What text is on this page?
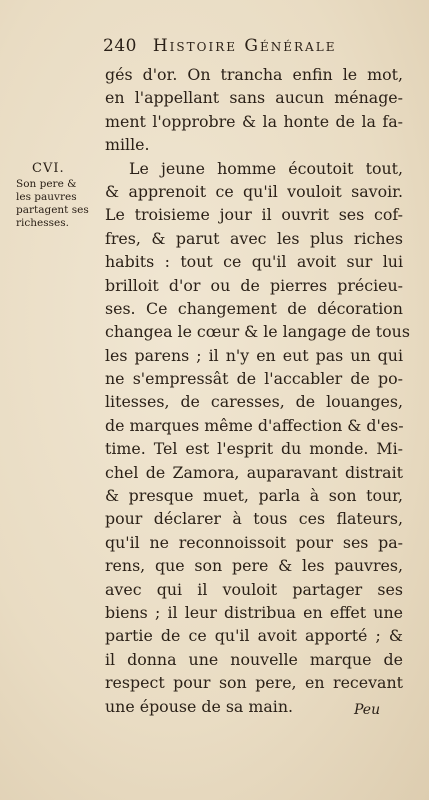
240 Histoire Générale
CVI.
Son pere &
les pauvres
partagent ses
richesses.
gés d'or. On trancha enfin le mot,
en l'appellant sans aucun ménage-
ment l'opprobre & la honte de la fa-
mille.
Le jeune homme écoutoit tout,
& apprenoit ce qu'il vouloit savoir.
Le troisieme jour il ouvrit ses cof-
fres, & parut avec les plus riches
habits : tout ce qu'il avoit sur lui
brilloit d'or ou de pierres précieu-
ses. Ce changement de décoration
changea le cœur & le langage de tous
les parens ; il n'y en eut pas un qui
ne s'empressât de l'accabler de po-
litesses, de caresses, de louanges,
de marques même d'affection & d'es-
time. Tel est l'esprit du monde. Mi-
chel de Zamora, auparavant distrait
& presque muet, parla à son tour,
pour déclarer à tous ces flateurs,
qu'il ne reconnoissoit pour ses pa-
rens, que son pere & les pauvres,
avec qui il vouloit partager ses
biens ; il leur distribua en effet une
partie de ce qu'il avoit apporté ; &
il donna une nouvelle marque de
respect pour son pere, en recevant
une épouse de sa main.	Peu
